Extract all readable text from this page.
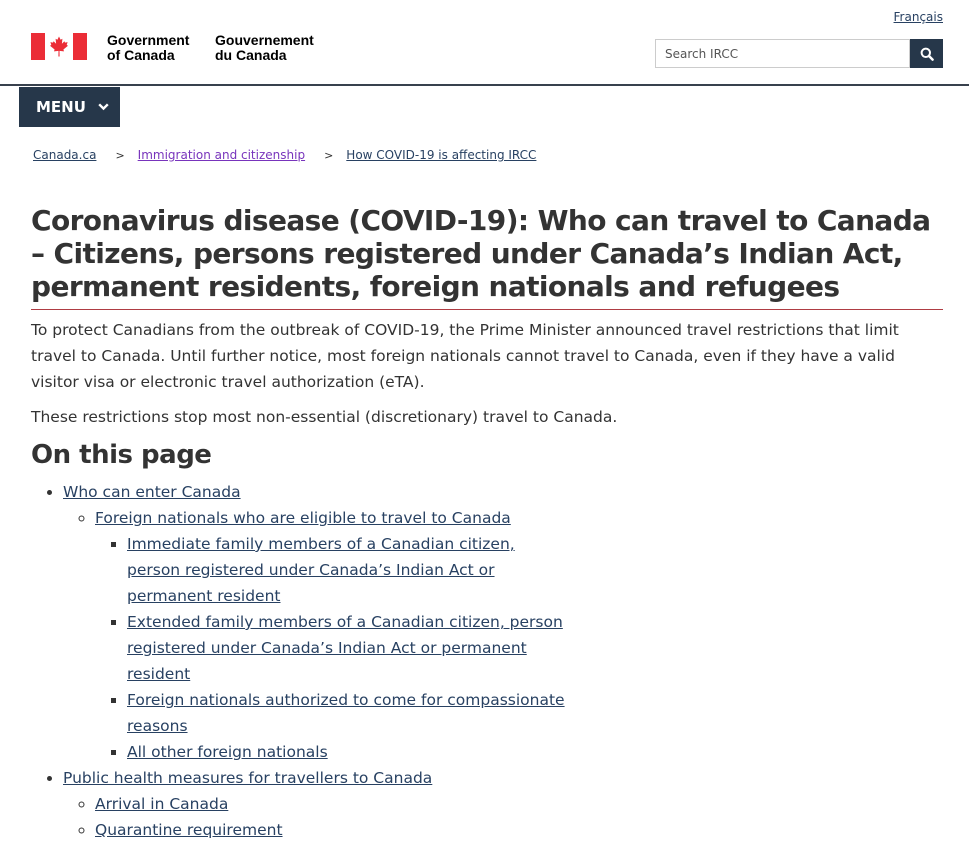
Français
Government
of Canada
Gouvernement
du Canada
Search IRCC
MENU
Canada.ca > Immigration and citizenship > How COVID-19 is affecting IRCC
Coronavirus disease (COVID-19): Who can travel to Canada – Citizens, persons registered under Canada’s Indian Act, permanent residents, foreign nationals and refugees

To protect Canadians from the outbreak of COVID-19, the Prime Minister announced travel restrictions that limit travel to Canada. Until further notice, most foreign nationals cannot travel to Canada, even if they have a valid visitor visa or electronic travel authorization (eTA).

These restrictions stop most non-essential (discretionary) travel to Canada.

On this page
• Who can enter Canada
◦ Foreign nationals who are eligible to travel to Canada
▪ Immediate family members of a Canadian citizen, person registered under Canada’s Indian Act or permanent resident
▪ Extended family members of a Canadian citizen, person registered under Canada’s Indian Act or permanent resident
▪ Foreign nationals authorized to come for compassionate reasons
▪ All other foreign nationals
• Public health measures for travellers to Canada
◦ Arrival in Canada
◦ Quarantine requirement
